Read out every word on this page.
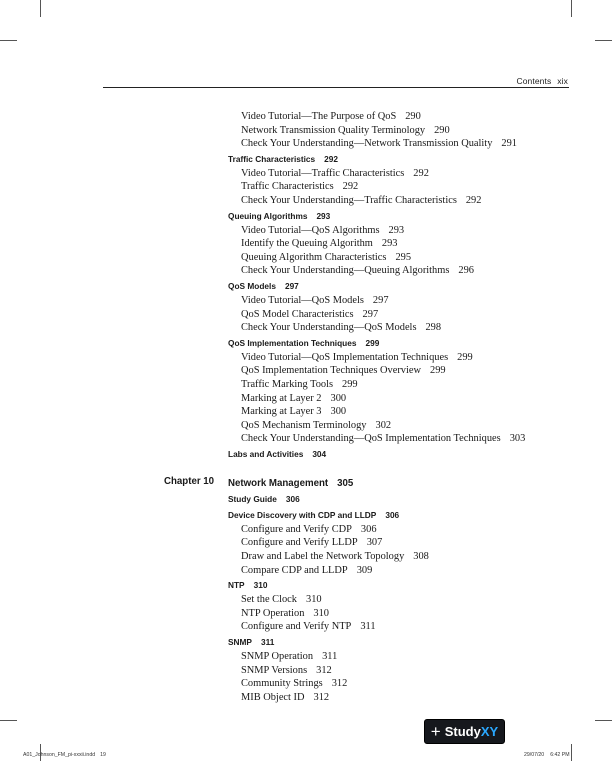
Contents xix
Video Tutorial—The Purpose of QoS 290
Network Transmission Quality Terminology 290
Check Your Understanding—Network Transmission Quality 291
Traffic Characteristics 292
Video Tutorial—Traffic Characteristics 292
Traffic Characteristics 292
Check Your Understanding—Traffic Characteristics 292
Queuing Algorithms 293
Video Tutorial—QoS Algorithms 293
Identify the Queuing Algorithm 293
Queuing Algorithm Characteristics 295
Check Your Understanding—Queuing Algorithms 296
QoS Models 297
Video Tutorial—QoS Models 297
QoS Model Characteristics 297
Check Your Understanding—QoS Models 298
QoS Implementation Techniques 299
Video Tutorial—QoS Implementation Techniques 299
QoS Implementation Techniques Overview 299
Traffic Marking Tools 299
Marking at Layer 2 300
Marking at Layer 3 300
QoS Mechanism Terminology 302
Check Your Understanding—QoS Implementation Techniques 303
Labs and Activities 304
Chapter 10 Network Management 305
Study Guide 306
Device Discovery with CDP and LLDP 306
Configure and Verify CDP 306
Configure and Verify LLDP 307
Draw and Label the Network Topology 308
Compare CDP and LLDP 309
NTP 310
Set the Clock 310
NTP Operation 310
Configure and Verify NTP 311
SNMP 311
SNMP Operation 311
SNMP Versions 312
Community Strings 312
MIB Object ID 312
+ StudyXY
A01_Johnson_FM_pi-xxxii.indd 19	29/07/20 6:42 PM
